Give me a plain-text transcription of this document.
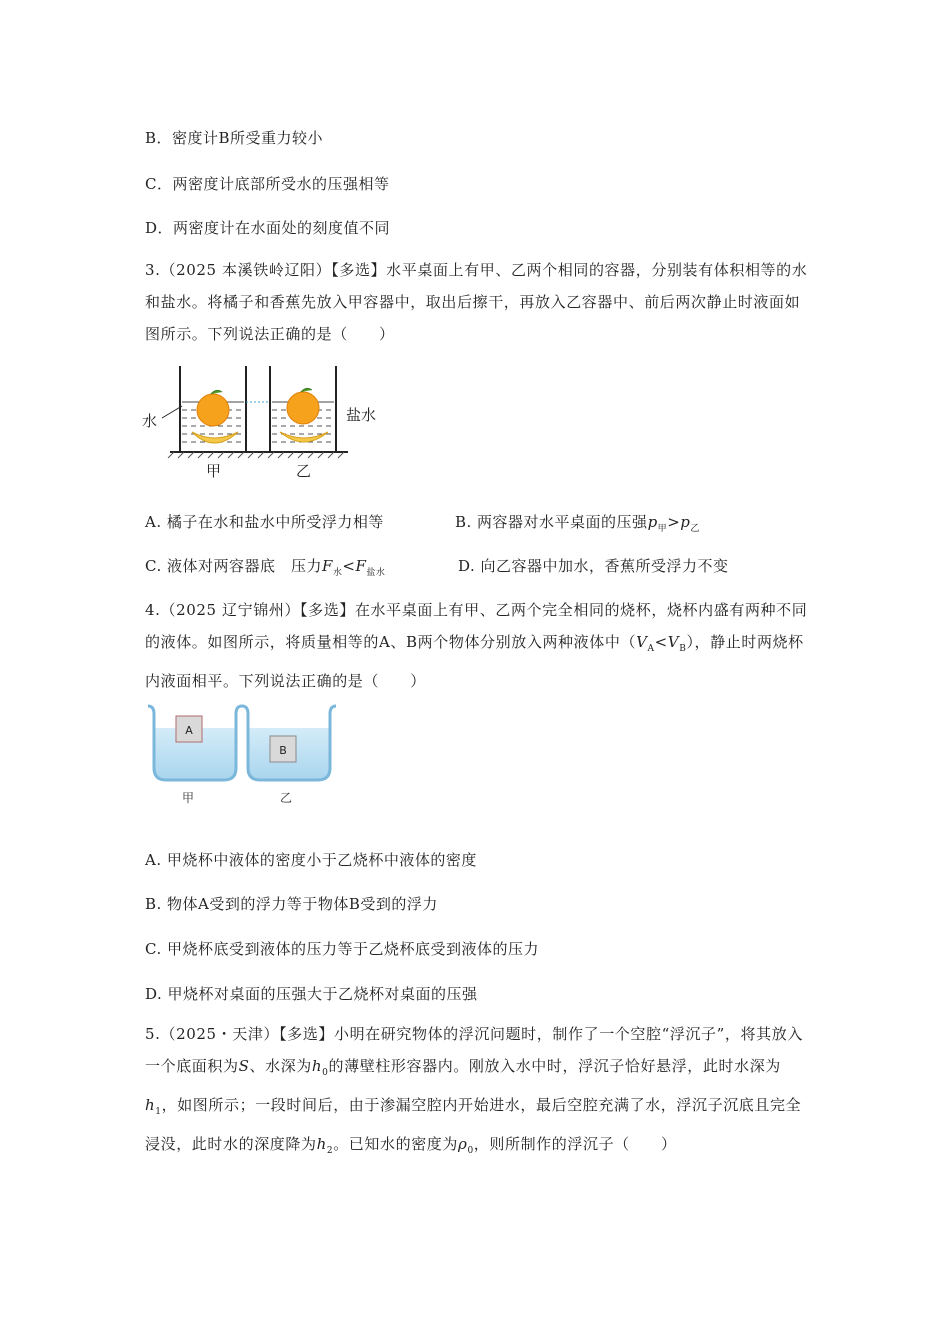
B．密度计B所受重力较小
C．两密度计底部所受水的压强相等
D．两密度计在水面处的刻度值不同
3.（2025 本溪铁岭辽阳）【多选】水平桌面上有甲、乙两个相同的容器，分别装有体积相等的水和盐水。将橘子和香蕉先放入甲容器中，取出后擦干，再放入乙容器中、前后两次静止时液面如图所示。下列说法正确的是（　　）
水	盐水
甲	乙
A. 橘子在水和盐水中所受浮力相等	B. 两容器对水平桌面的压强$p_甲>p_乙$
C. 液体对两容器底　压力$F_水<F_{盐水}$	D. 向乙容器中加水，香蕉所受浮力不变
4.（2025 辽宁锦州）【多选】在水平桌面上有甲、乙两个完全相同的烧杯，烧杯内盛有两种不同的液体。如图所示，将质量相等的A、B两个物体分别放入两种液体中$(V_A<V_B)$，静止时两烧杯内液面相平。下列说法正确的是（　　）
A
B
甲	乙
A. 甲烧杯中液体的密度小于乙烧杯中液体的密度
B. 物体A受到的浮力等于物体B受到的浮力
C. 甲烧杯底受到液体的压力等于乙烧杯底受到液体的压力
D. 甲烧杯对桌面的压强大于乙烧杯对桌面的压强
5.（2025・天津）【多选】小明在研究物体的浮沉问题时，制作了一个空腔“浮沉子”，将其放入一个底面积为S、水深为$h_0$的薄壁柱形容器内。刚放入水中时，浮沉子恰好悬浮，此时水深为$h_1$，如图所示；一段时间后，由于渗漏空腔内开始进水，最后空腔充满了水，浮沉子沉底且完全浸没，此时水的深度降为$h_2$。已知水的密度为$\rho_0$，则所制作的浮沉子（　　）
